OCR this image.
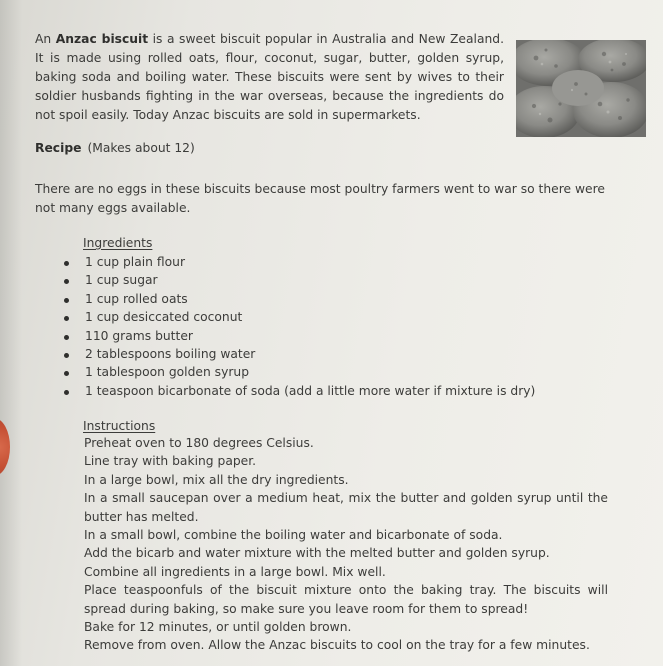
An Anzac biscuit is a sweet biscuit popular in Australia and New Zealand. It is made using rolled oats, flour, coconut, sugar, butter, golden syrup, baking soda and boiling water. These biscuits were sent by wives to their soldier husbands fighting in the war overseas, because the ingredients do not spoil easily. Today Anzac biscuits are sold in supermarkets.

Recipe (Makes about 12)

There are no eggs in these biscuits because most poultry farmers went to war so there were not many eggs available.

Ingredients
1 cup plain flour
1 cup sugar
1 cup rolled oats
1 cup desiccated coconut
110 grams butter
2 tablespoons boiling water
1 tablespoon golden syrup
1 teaspoon bicarbonate of soda (add a little more water if mixture is dry)
Instructions

Preheat oven to 180 degrees Celsius.

Line tray with baking paper.

In a large bowl, mix all the dry ingredients.

In a small saucepan over a medium heat, mix the butter and golden syrup until the butter has melted.

In a small bowl, combine the boiling water and bicarbonate of soda.

Add the bicarb and water mixture with the melted butter and golden syrup.

Combine all ingredients in a large bowl. Mix well.

Place teaspoonfuls of the biscuit mixture onto the baking tray. The biscuits will spread during baking, so make sure you leave room for them to spread!

Bake for 12 minutes, or until golden brown.

Remove from oven. Allow the Anzac biscuits to cool on the tray for a few minutes.
